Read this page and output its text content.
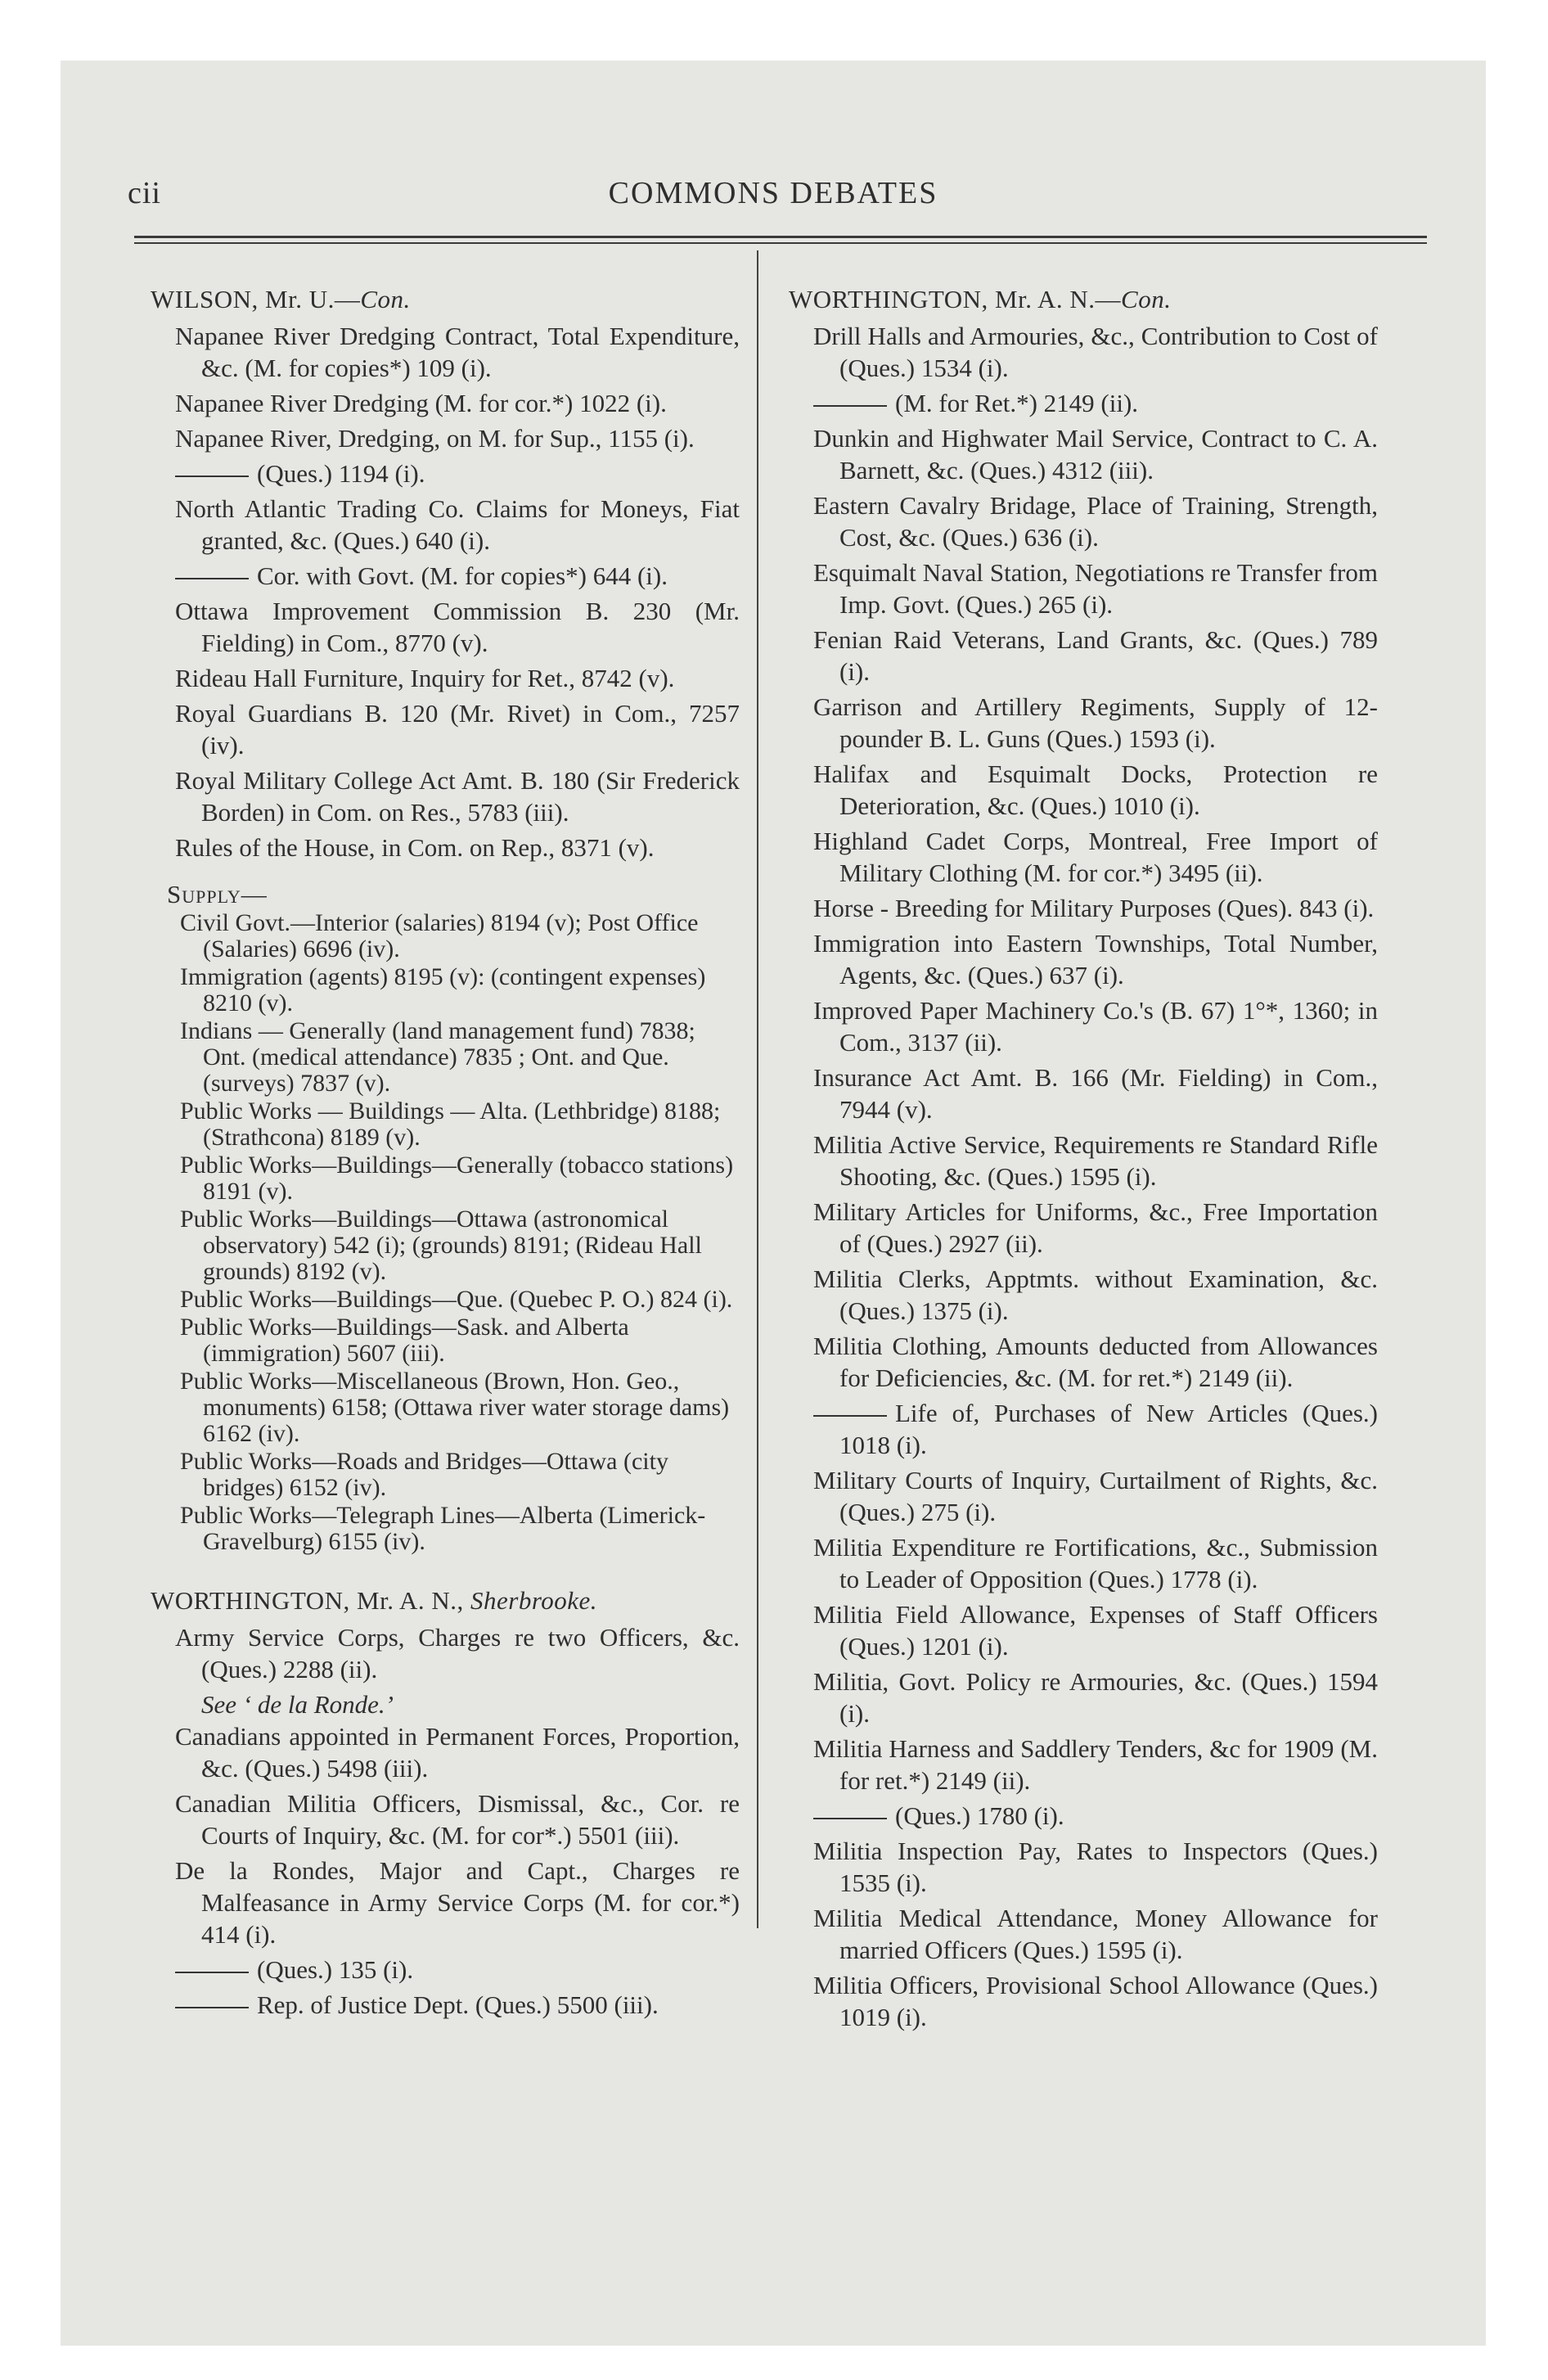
cii	COMMONS DEBATES
WILSON, Mr. U.—Con.
Napanee River Dredging Contract, Total Expenditure, &c. (M. for copies*) 109 (i).
Napanee River Dredging (M. for cor.*) 1022 (i).
Napanee River, Dredging, on M. for Sup., 1155 (i).
(Ques.) 1194 (i).
North Atlantic Trading Co. Claims for Moneys, Fiat granted, &c. (Ques.) 640 (i).
Cor. with Govt. (M. for copies*) 644 (i).
Ottawa Improvement Commission B. 230 (Mr. Fielding) in Com., 8770 (v).
Rideau Hall Furniture, Inquiry for Ret., 8742 (v).
Royal Guardians B. 120 (Mr. Rivet) in Com., 7257 (iv).
Royal Military College Act Amt. B. 180 (Sir Frederick Borden) in Com. on Res., 5783 (iii).
Rules of the House, in Com. on Rep., 8371 (v).
Supply—
Civil Govt.—Interior (salaries) 8194 (v); Post Office (Salaries) 6696 (iv).
Immigration (agents) 8195 (v): (contingent expenses) 8210 (v).
Indians — Generally (land management fund) 7838; Ont. (medical attendance) 7835 ; Ont. and Que. (surveys) 7837 (v).
Public Works — Buildings — Alta. (Lethbridge) 8188; (Strathcona) 8189 (v).
Public Works—Buildings—Generally (tobacco stations) 8191 (v).
Public Works—Buildings—Ottawa (astronomical observatory) 542 (i); (grounds) 8191; (Rideau Hall grounds) 8192 (v).
Public Works—Buildings—Que. (Quebec P. O.) 824 (i).
Public Works—Buildings—Sask. and Alberta (immigration) 5607 (iii).
Public Works—Miscellaneous (Brown, Hon. Geo., monuments) 6158; (Ottawa river water storage dams) 6162 (iv).
Public Works—Roads and Bridges—Ottawa (city bridges) 6152 (iv).
Public Works—Telegraph Lines—Alberta (Limerick-Gravelburg) 6155 (iv).
WORTHINGTON, Mr. A. N., Sherbrooke.
Army Service Corps, Charges re two Officers, &c. (Ques.) 2288 (ii).
See ‘ de la Ronde.’
Canadians appointed in Permanent Forces, Proportion, &c. (Ques.) 5498 (iii).
Canadian Militia Officers, Dismissal, &c., Cor. re Courts of Inquiry, &c. (M. for cor*.) 5501 (iii).
De la Rondes, Major and Capt., Charges re Malfeasance in Army Service Corps (M. for cor.*) 414 (i).
(Ques.) 135 (i).
Rep. of Justice Dept. (Ques.) 5500 (iii).
WORTHINGTON, Mr. A. N.—Con.
Drill Halls and Armouries, &c., Contribution to Cost of (Ques.) 1534 (i).
(M. for Ret.*) 2149 (ii).
Dunkin and Highwater Mail Service, Contract to C. A. Barnett, &c. (Ques.) 4312 (iii).
Eastern Cavalry Bridage, Place of Training, Strength, Cost, &c. (Ques.) 636 (i).
Esquimalt Naval Station, Negotiations re Transfer from Imp. Govt. (Ques.) 265 (i).
Fenian Raid Veterans, Land Grants, &c. (Ques.) 789 (i).
Garrison and Artillery Regiments, Supply of 12-pounder B. L. Guns (Ques.) 1593 (i).
Halifax and Esquimalt Docks, Protection re Deterioration, &c. (Ques.) 1010 (i).
Highland Cadet Corps, Montreal, Free Import of Military Clothing (M. for cor.*) 3495 (ii).
Horse - Breeding for Military Purposes (Ques). 843 (i).
Immigration into Eastern Townships, Total Number, Agents, &c. (Ques.) 637 (i).
Improved Paper Machinery Co.'s (B. 67) 1°*, 1360; in Com., 3137 (ii).
Insurance Act Amt. B. 166 (Mr. Fielding) in Com., 7944 (v).
Militia Active Service, Requirements re Standard Rifle Shooting, &c. (Ques.) 1595 (i).
Military Articles for Uniforms, &c., Free Importation of (Ques.) 2927 (ii).
Militia Clerks, Apptmts. without Examination, &c. (Ques.) 1375 (i).
Militia Clothing, Amounts deducted from Allowances for Deficiencies, &c. (M. for ret.*) 2149 (ii).
Life of, Purchases of New Articles (Ques.) 1018 (i).
Military Courts of Inquiry, Curtailment of Rights, &c. (Ques.) 275 (i).
Militia Expenditure re Fortifications, &c., Submission to Leader of Opposition (Ques.) 1778 (i).
Militia Field Allowance, Expenses of Staff Officers (Ques.) 1201 (i).
Militia, Govt. Policy re Armouries, &c. (Ques.) 1594 (i).
Militia Harness and Saddlery Tenders, &c for 1909 (M. for ret.*) 2149 (ii).
(Ques.) 1780 (i).
Militia Inspection Pay, Rates to Inspectors (Ques.) 1535 (i).
Militia Medical Attendance, Money Allowance for married Officers (Ques.) 1595 (i).
Militia Officers, Provisional School Allowance (Ques.) 1019 (i).
